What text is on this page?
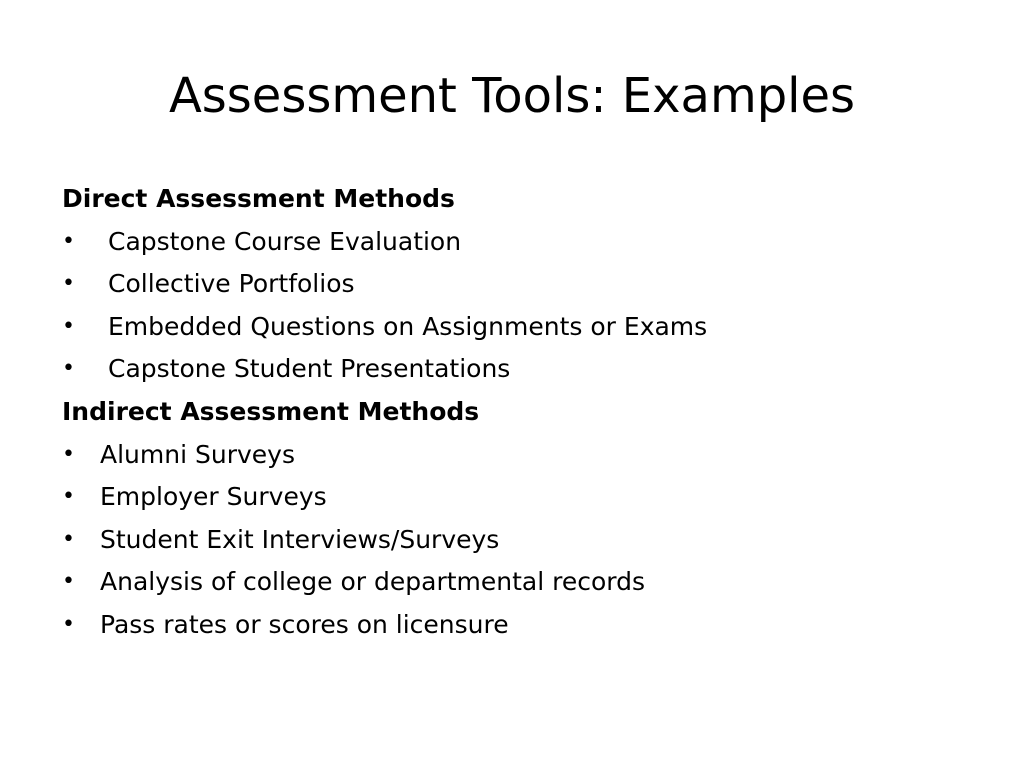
Assessment Tools: Examples

Direct Assessment Methods

• Capstone Course Evaluation
• Collective Portfolios
• Embedded Questions on Assignments or Exams
• Capstone Student Presentations

Indirect Assessment Methods

• Alumni Surveys
• Employer Surveys
• Student Exit Interviews/Surveys
• Analysis of college or departmental records
• Pass rates or scores on licensure
